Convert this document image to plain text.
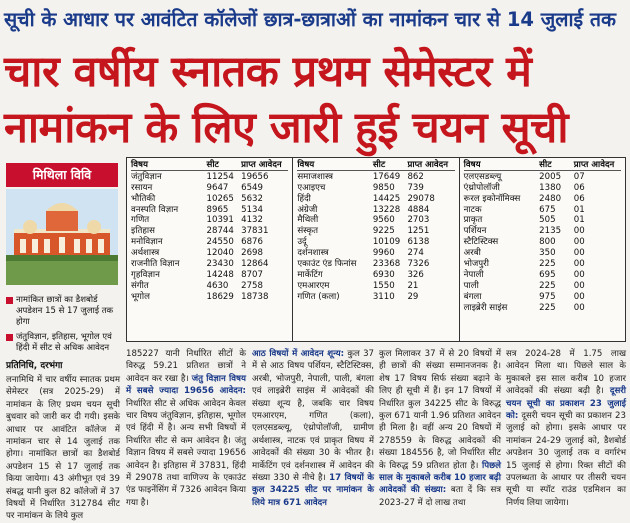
सूची के आधार पर आवंटित कॉलेजों छात्र-छात्राओं का नामांकन चार से 14 जुलाई तक
चार वर्षीय स्नातक प्रथम सेमेस्टर में
नामांकन के लिए जारी हुई चयन सूची
मिथिला विवि
नामांकित छात्रों का डैशबोर्ड अपडेशन 15 से 17 जुलाई तक होगा
जंतुविज्ञान, इतिहास, भूगोल एवं हिंदी में सीट से अधिक आवेदन
प्रतिनिधि, दरभंगा
लनामिथि में चार वर्षीय स्नातक प्रथम सेमेस्टर (सत्र 2025-29) में नामांकन के लिए प्रथम चयन सूची बुधवार को जारी कर दी गयी। इसके आधार पर आवंटित कॉलेज में नामांकन चार से 14 जुलाई तक होगा। नामांकित छात्रों का डैशबोर्ड अपडेशन 15 से 17 जुलाई तक किया जायेगा। 43 अंगीभूत एवं 39 संबद्ध यानी कुल 82 कॉलेजों में 37 विषयों में निर्धारित 312784 सीट पर नामांकन के लिये कुल
विषय	सीट	प्राप्त आवेदन
जंतुविज्ञान	11254 19656
रसायन	9647	6549
भौतिकी	10265 5632
वनस्पति विज्ञान	8965	5134
गणित	10391 4132
इतिहास	28744 37831
मनोविज्ञान	24550 6876
अर्थशास्त्र	12040 2698
राजनीति विज्ञान	23430 12864
गृहविज्ञान	14248 8707
संगीत	4630	2758
भूगोल	18629 18738
विषय	सीट	प्राप्त आवेदन
समाजशास्त्र	17649 862
एआइएच	9850	739
हिंदी	14425 29078
अंग्रेजी	13228 4884
मैथिली	9560	2703
संस्कृत	9225	1251
उर्दू	10109 6138
दर्शनशास्त्र	9960	274
एकाउंट एंड फिनांस	23368 7326
मार्केटिंग	6930	326
एमआरएम	1550	21
गणित (कला)	3110	29
विषय	सीट	प्राप्त आवेदन
एलएसडब्ल्यू	2005	07
एंथ्रोपोलॉजी	1380	06
रूरल इकोनॉमिक्स	2480	06
नाटक	675	01
प्राकृत	505	01
पर्शियन	2135	00
स्टैटिस्टिक्स	800	00
अरबी	350	00
भोजपुरी	225	00
नेपाली	695	00
पाली	225	00
बंगला	975	00
लाइब्रेरी साइंस	225	00
185227 यानी निर्धारित सीटों के विरुद्ध 59.21 प्रतिशत छात्रों ने आवेदन कर रखा है। जंतु विज्ञान विषय में सबसे ज्यादा 19656 आवेदन: निर्धारित सीट से अधिक आवेदन केवल चार विषय जंतुविज्ञान, इतिहास, भूगोल एवं हिंदी में है। अन्य सभी विषयों में निर्धारित सीट से कम आवेदन है। जंतु विज्ञान विषय में सबसे ज्यादा 19656 आवेदन है। इतिहास में 37831, हिंदी में 29078 तथा वाणिज्य के एकाउंट एंड फाइनेंसिंग में 7326 आवेदन किया गया है।
आठ विषयों में आवेदन शून्य: कुल 37 में से आठ विषय पर्शियन, स्टैटिस्टिक्स, अरबी, भोजपुरी, नेपाली, पाली, बंगला एवं लाइब्रेरी साइंस में आवेदकों की संख्या शून्य है, जबकि चार विषय एमआरएम, गणित (कला), एलएसडब्ल्यू, एंथ्रोपोलॉजी, ग्रामीण अर्थशास्त्र, नाटक एवं प्राकृत विषय में आवेदकों की संख्या 30 के भीतर है। मार्केटिंग एवं दर्शनशास्त्र में आवेदन की संख्या 330 से नीचे है। 17 विषयों के कुल 34225 सीट पर नामांकन के लिये मात्र 671 आवेदन
कुल मिलाकर 37 में से 20 विषयों में ही छात्रों की संख्या सम्मानजनक है। शेष 17 विषय सिर्फ संख्या बढ़ाने के लिए ही सूची में हैं। इन 17 विषयों में निर्धारित कुल 34225 सीट के विरुद्ध कुल 671 यानी 1.96 प्रतिशत आवेदन ही मिला है। वहीं अन्य 20 विषयों में 278559 के विरुद्ध आवेदकों की संख्या 184556 है, जो निर्धारित सीट के विरुद्ध 59 प्रतिशत होता है। पिछले साल के मुकाबले करीब 10 हजार बढ़ी आवेदकों की संख्या: बता दें कि सत्र 2023-27 में दो लाख तथा
सत्र 2024-28 में 1.75 लाख आवेदन मिला था। पिछले साल के मुकाबले इस साल करीब 10 हजार आवेदकों की संख्या बढ़ी है। दूसरी चयन सूची का प्रकाशन 23 जुलाई को: दूसरी चयन सूची का प्रकाशन 23 जुलाई को होगा। इसके आधार पर नामांकन 24-29 जुलाई को, डैशबोर्ड अपडेशन 30 जुलाई तक व वर्गारंभ 15 जुलाई से होगा। रिक्त सीटों की उपलब्धता के आधार पर तीसरी चयन सूची या स्पॉट राउंड एडमिशन का निर्णय लिया जायेगा।
